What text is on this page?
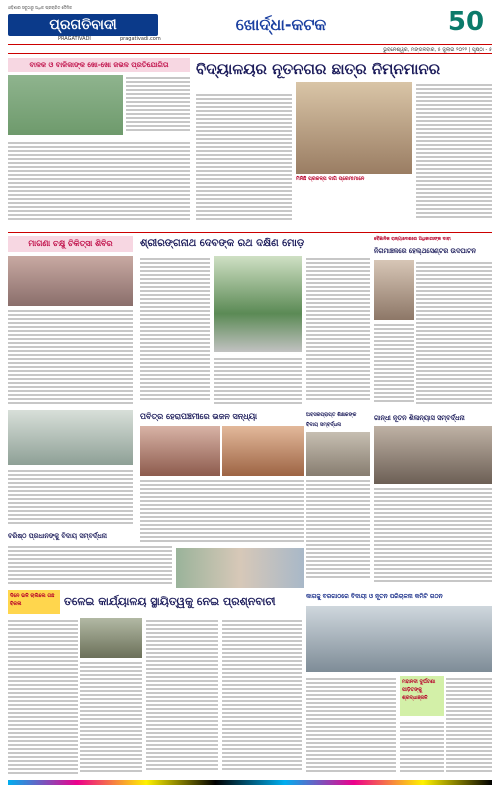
ଓଡ଼ିଶାର ସବୁଠାରୁ ଅଧିକ ପ୍ରଚାରିତ ଦୈନିକ
ପ୍ରଗତିବାଦୀ
PRAGATIVADI	pragativadi.com
ଖୋର୍ଦ୍ଧା-କଟକ	50
ଭୁବନେଶ୍ୱର, ମଙ୍ଗଳବାର, ୫ ଜୁଲାଇ ୨୦୨୨ | ପୃଷ୍ଠା - ୫
ବାଳକ ଓ ବାଳିକାଙ୍କ ଖୋ-ଖୋ ଜଭଳ ପ୍ରତିଯୋଗିତା	ବିଦ୍ୟାଳୟର ନୂତନଗର ଛାତ୍ର ନିମ୍ନମାନର
ମିନିଛି ପ୍ରକଳ୍ପ ଦାଗି ପ୍ରେମୀମାନେ
ମାଗଣା ଚକ୍ଷୁ ଚିକିତ୍ସା ଶିବିର	ଶ୍ରୀରଙ୍ଗନାଥ ଦେବଙ୍କ ରଥ ଦକ୍ଷିଣ ମୋଡ଼	ବୈଜ୍ଞାନିକ ରାଜ୍ୟାଦେଶରେ ଅଧିକାରୀଙ୍କ ଦାବୀ
ନିଗମାଞ୍ଚଳରେ ହେଲ୍ଥସେଣ୍ଟର ଉଦଘାଟନ
ଗାନ୍ଧୀ ନୂତନ ଶିଳାନ୍ୟାସ ସମ୍ବର୍ଦ୍ଧନା
ଅବସରପ୍ରାପ୍ତ ଶିକ୍ଷକଙ୍କ ବିଦାୟ ସମ୍ବର୍ଦ୍ଧନା
ପବିତ୍ର ହେରାପଞ୍ଚମୀରେ ଭଜନ ସନ୍ଧ୍ୟା
ବରିଷ୍ଠ ପ୍ରଧାନଙ୍କୁ ବିଦାୟ ସମ୍ବର୍ଦ୍ଧନା
ଦିନେ ଭଳି ଚାଲିଲେ ଗଛ ବିକଳା	ତଳେଇ କାର୍ଯ୍ୟାଳୟ ସ୍ଥାୟିତ୍ୱକୁ ନେଇ ପ୍ରଶ୍ନବାଚୀ	କାଗଜୁ ବରଗାଠରେ ବିଦାୟୀ ଓ ନୂତନ ପରିଚାଳନା କମିଟି ଗଠନ
ମହାନଦୀ ଦୁର୍ଘଟଣା ପୀଡ଼ିତଙ୍କୁ ଶ୍ରଦ୍ଧାଞ୍ଜଳି
